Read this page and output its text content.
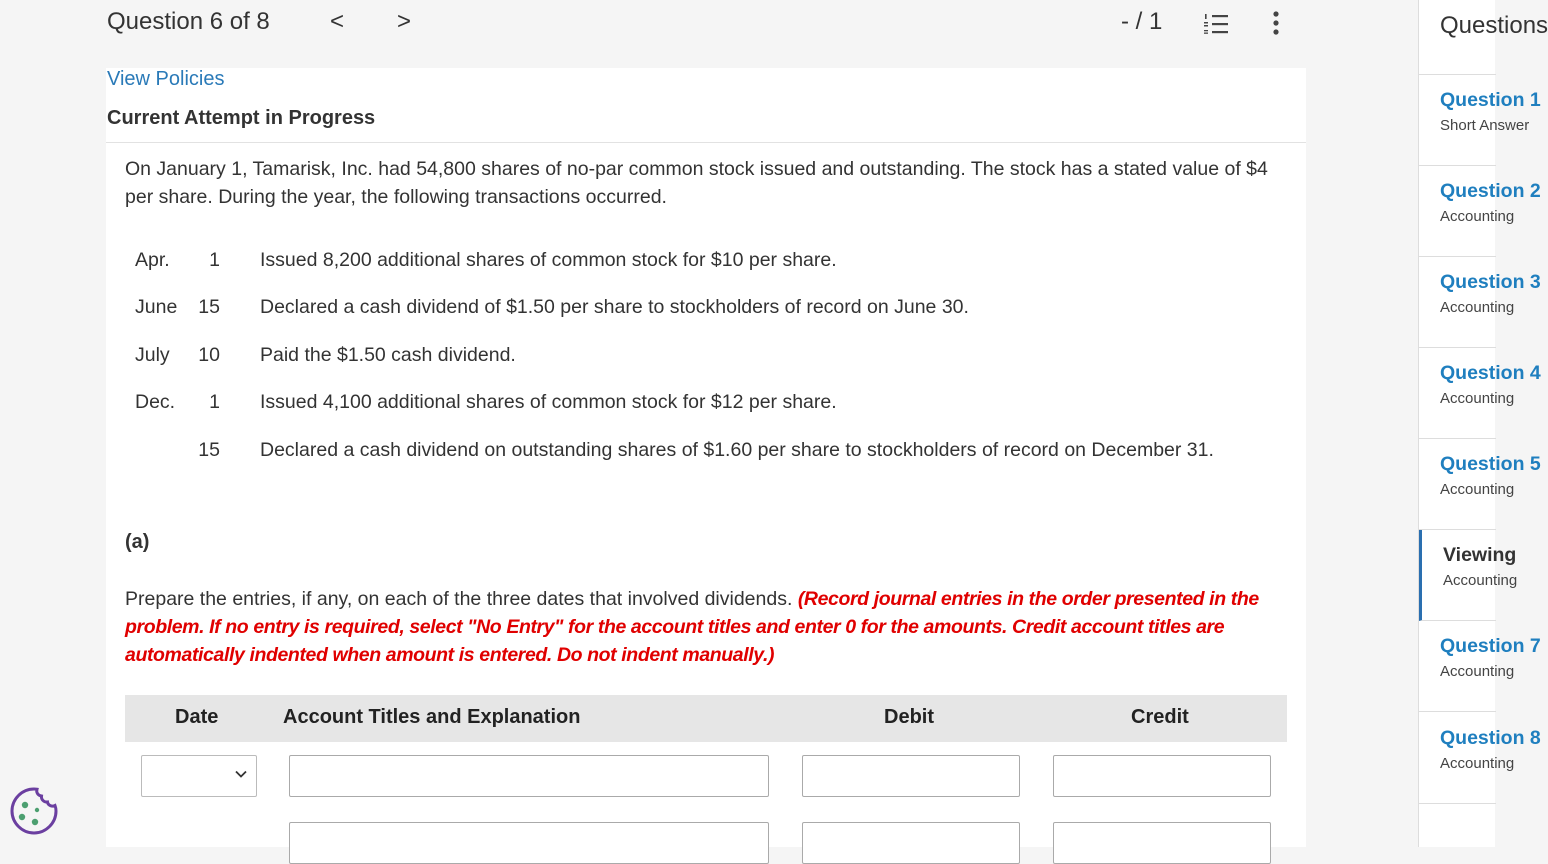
Question 6 of 8	< >	- / 1
View Policies
Current Attempt in Progress

On January 1, Tamarisk, Inc. had 54,800 shares of no-par common stock issued and outstanding. The stock has a stated value of $4 per share. During the year, the following transactions occurred.

Apr.	1 Issued 8,200 additional shares of common stock for $10 per share.
June	15 Declared a cash dividend of $1.50 per share to stockholders of record on June 30.
July	10 Paid the $1.50 cash dividend.
Dec.	1 Issued 4,100 additional shares of common stock for $12 per share.
15 Declared a cash dividend on outstanding shares of $1.60 per share to stockholders of record on December 31.
(a)

Prepare the entries, if any, on each of the three dates that involved dividends. (Record journal entries in the order presented in the problem. If no entry is required, select "No Entry" for the account titles and enter 0 for the amounts. Credit account titles are automatically indented when amount is entered. Do not indent manually.)

Date	Account Titles and Explanation	Debit	Credit
Questions
Question 1
Short Answer
Question 2
Accounting
Question 3
Accounting
Question 4
Accounting
Question 5
Accounting
Viewing
Accounting
Question 7
Accounting
Question 8
Accounting
